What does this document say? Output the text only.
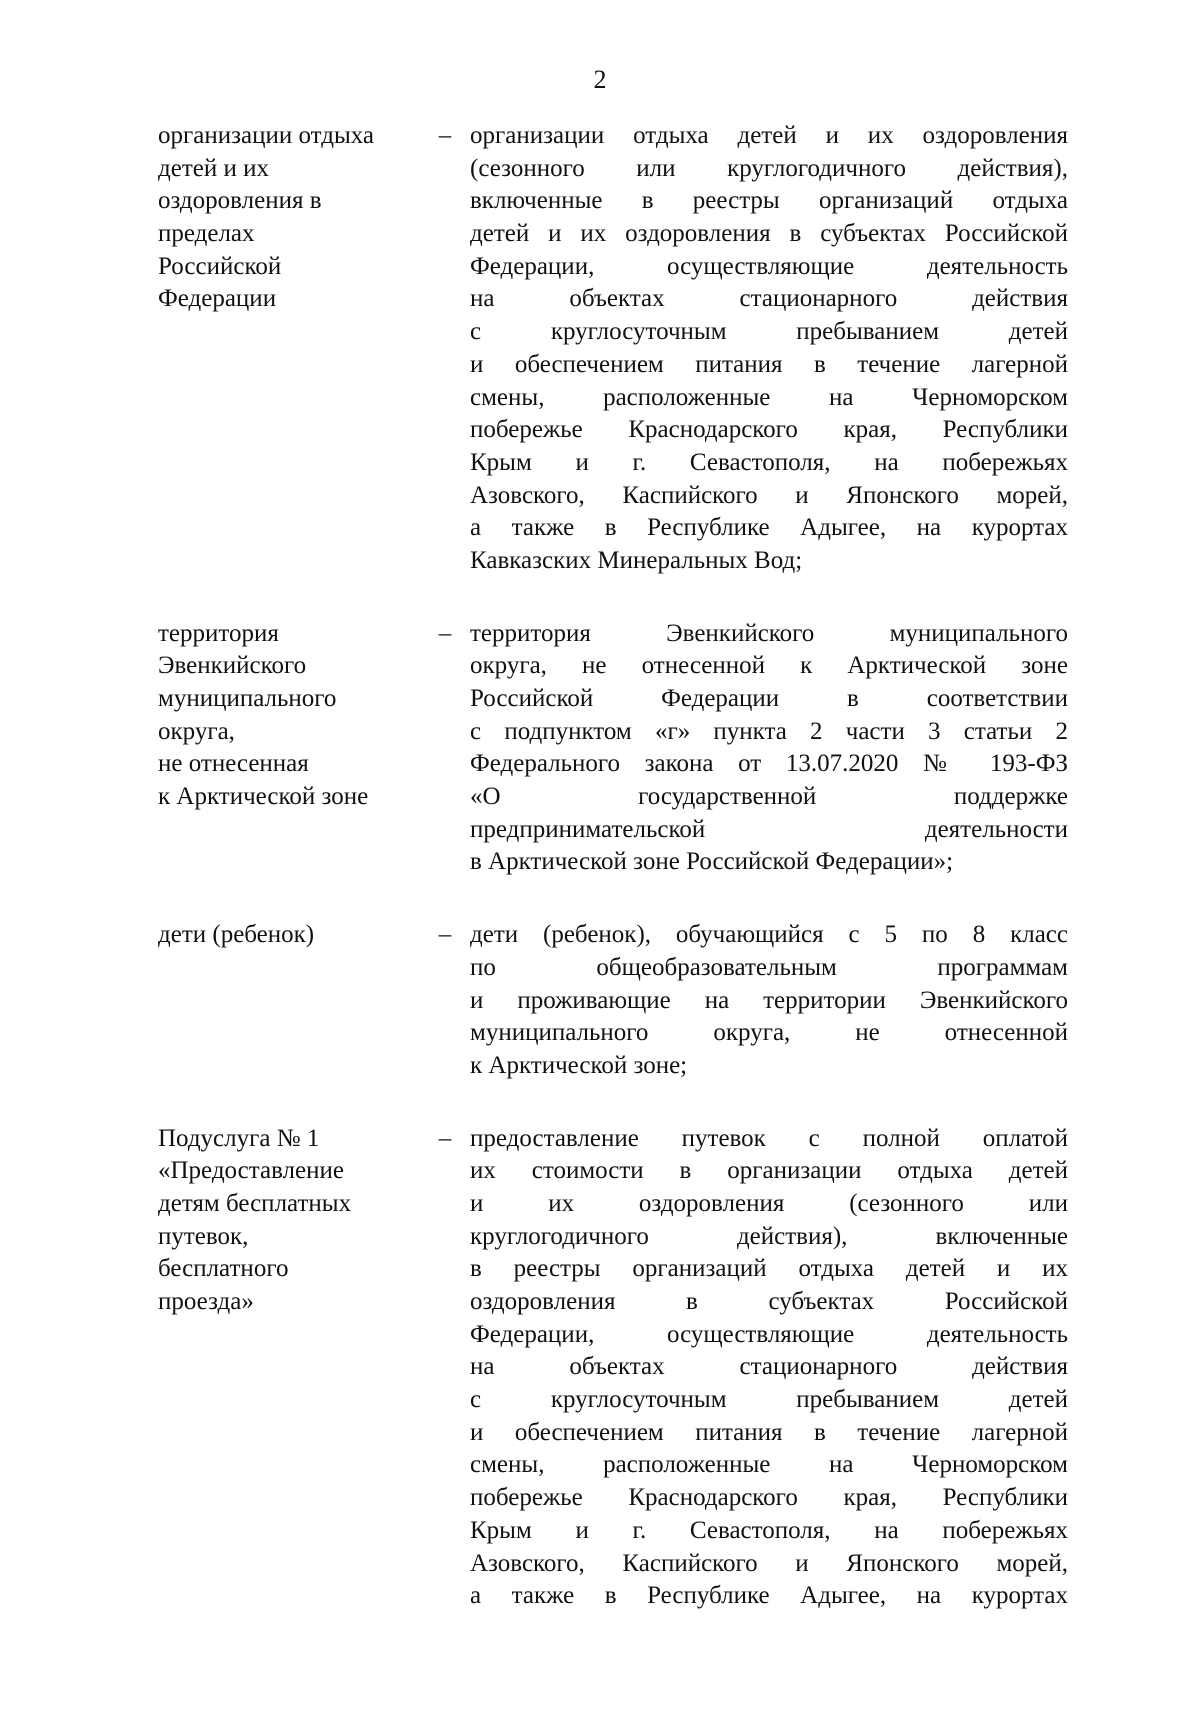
2
организации отдыха
детей и их
оздоровления в
пределах
Российской
Федерации
– организации отдыха детей и их оздоровления
(сезонного или круглогодичного действия),
включенные в реестры организаций отдыха
детей и их оздоровления в субъектах Российской
Федерации, осуществляющие деятельность
на объектах стационарного действия
с круглосуточным пребыванием детей
и обеспечением питания в течение лагерной
смены, расположенные на Черноморском
побережье Краснодарского края, Республики
Крым и г. Севастополя, на побережьях
Азовского, Каспийского и Японского морей,
а также в Республике Адыгее, на курортах
Кавказских Минеральных Вод;
территория
Эвенкийского
муниципального
округа,
не отнесенная
к Арктической зоне
– территория Эвенкийского муниципального
округа, не отнесенной к Арктической зоне
Российской Федерации в соответствии
с подпунктом «г» пункта 2 части 3 статьи 2
Федерального закона от 13.07.2020 № 193-ФЗ
«О государственной поддержке
предпринимательской деятельности
в Арктической зоне Российской Федерации»;
дети (ребенок)	– дети (ребенок), обучающийся с 5 по 8 класс
по общеобразовательным программам
и проживающие на территории Эвенкийского
муниципального округа, не отнесенной
к Арктической зоне;
Подуслуга № 1
«Предоставление
детям бесплатных
путевок,
бесплатного
проезда»
– предоставление путевок с полной оплатой
их стоимости в организации отдыха детей
и их оздоровления (сезонного или
круглогодичного действия), включенные
в реестры организаций отдыха детей и их
оздоровления в субъектах Российской
Федерации, осуществляющие деятельность
на объектах стационарного действия
с круглосуточным пребыванием детей
и обеспечением питания в течение лагерной
смены, расположенные на Черноморском
побережье Краснодарского края, Республики
Крым и г. Севастополя, на побережьях
Азовского, Каспийского и Японского морей,
а также в Республике Адыгее, на курортах
